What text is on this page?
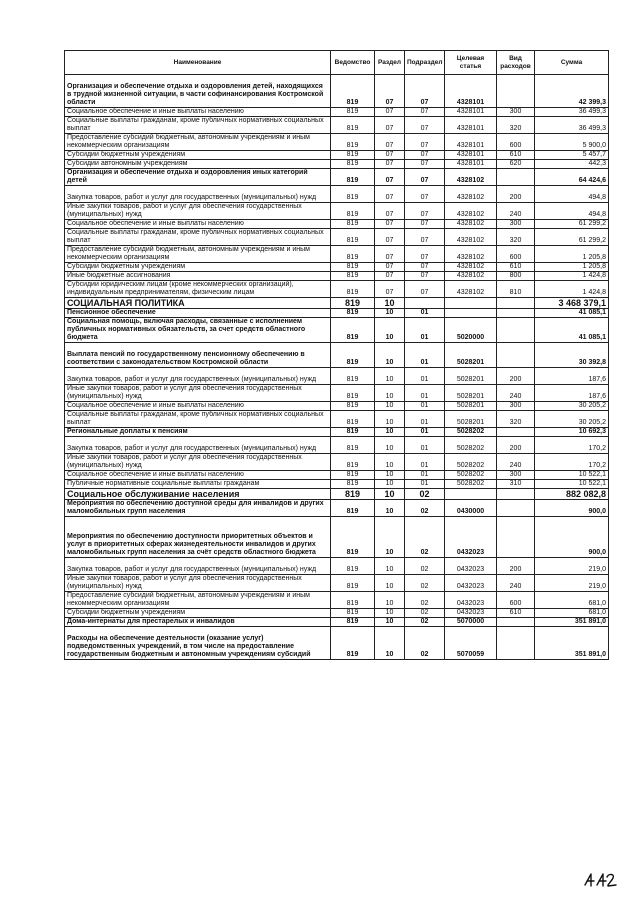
Наименование	Ведомство	Раздел	Подраздел	Целевая статья	Вид расходов	Сумма
Организация и обеспечение отдыха и оздоровления детей, находящихся в трудной жизненной ситуации, в части софинансирования Костромской области	819	07	07	4328101		42 399,3
Социальное обеспечение и иные выплаты населению	819	07	07	4328101	300	36 499,3
Социальные выплаты гражданам, кроме публичных нормативных социальных выплат	819	07	07	4328101	320	36 499,3
Предоставление субсидий бюджетным, автономным учреждениям и иным некоммерческим организациям	819	07	07	4328101	600	5 900,0
Субсидии бюджетным учреждениям	819	07	07	4328101	610	5 457,7
Субсидии автономным учреждениям	819	07	07	4328101	620	442,3
Организация и обеспечение отдыха и оздоровления иных категорий детей	819	07	07	4328102		64 424,6
Закупка товаров, работ и услуг для государственных (муниципальных) нужд	819	07	07	4328102	200	494,8
Иные закупки товаров, работ и услуг для обеспечения государственных (муниципальных) нужд	819	07	07	4328102	240	494,8
Социальное обеспечение и иные выплаты населению	819	07	07	4328102	300	61 299,2
Социальные выплаты гражданам, кроме публичных нормативных социальных выплат	819	07	07	4328102	320	61 299,2
Предоставление субсидий бюджетным, автономным учреждениям и иным некоммерческим организациям	819	07	07	4328102	600	1 205,8
Субсидии бюджетным учреждениям	819	07	07	4328102	610	1 205,8
Иные бюджетные ассигнования	819	07	07	4328102	800	1 424,8
Субсидии юридическим лицам (кроме некоммерческих организаций), индивидуальным предпринимателям, физическим лицам	819	07	07	4328102	810	1 424,8
СОЦИАЛЬНАЯ ПОЛИТИКА	819	10				3 468 379,1
Пенсионное обеспечение	819	10	01			41 085,1
Социальная помощь, включая расходы, связанные с исполнением публичных нормативных обязательств, за счет средств областного бюджета	819	10	01	5020000		41 085,1
Выплата пенсий по государственному пенсионному обеспечению в соответствии с законодательством Костромской области	819	10	01	5028201		30 392,8
Закупка товаров, работ и услуг для государственных (муниципальных) нужд	819	10	01	5028201	200	187,6
Иные закупки товаров, работ и услуг для обеспечения государственных (муниципальных) нужд	819	10	01	5028201	240	187,6
Социальное обеспечение и иные выплаты населению	819	10	01	5028201	300	30 205,2
Социальные выплаты гражданам, кроме публичных нормативных социальных выплат	819	10	01	5028201	320	30 205,2
Региональные доплаты к пенсиям	819	10	01	5028202		10 692,3
Закупка товаров, работ и услуг для государственных (муниципальных) нужд	819	10	01	5028202	200	170,2
Иные закупки товаров, работ и услуг для обеспечения государственных (муниципальных) нужд	819	10	01	5028202	240	170,2
Социальное обеспечение и иные выплаты населению	819	10	01	5028202	300	10 522,1
Публичные нормативные социальные выплаты гражданам	819	10	01	5028202	310	10 522,1
Социальное обслуживание населения	819	10	02			882 082,8
Мероприятия по обеспечению доступной среды для инвалидов и других маломобильных групп населения	819	10	02	0430000		900,0
Мероприятия по обеспечению доступности приоритетных объектов и услуг в приоритетных сферах жизнедеятельности инвалидов и других маломобильных групп населения за счёт средств областного бюджета	819	10	02	0432023		900,0
Закупка товаров, работ и услуг для государственных (муниципальных) нужд	819	10	02	0432023	200	219,0
Иные закупки товаров, работ и услуг для обеспечения государственных (муниципальных) нужд	819	10	02	0432023	240	219,0
Предоставление субсидий бюджетным, автономным учреждениям и иным некоммерческим организациям	819	10	02	0432023	600	681,0
Субсидии бюджетным учреждениям	819	10	02	0432023	610	681,0
Дома-интернаты для престарелых и инвалидов	819	10	02	5070000		351 891,0
Расходы на обеспечение деятельности (оказание услуг) подведомственных учреждений, в том числе на предоставление государственным бюджетным и автономным учреждениям субсидий	819	10	02	5070059		351 891,0
